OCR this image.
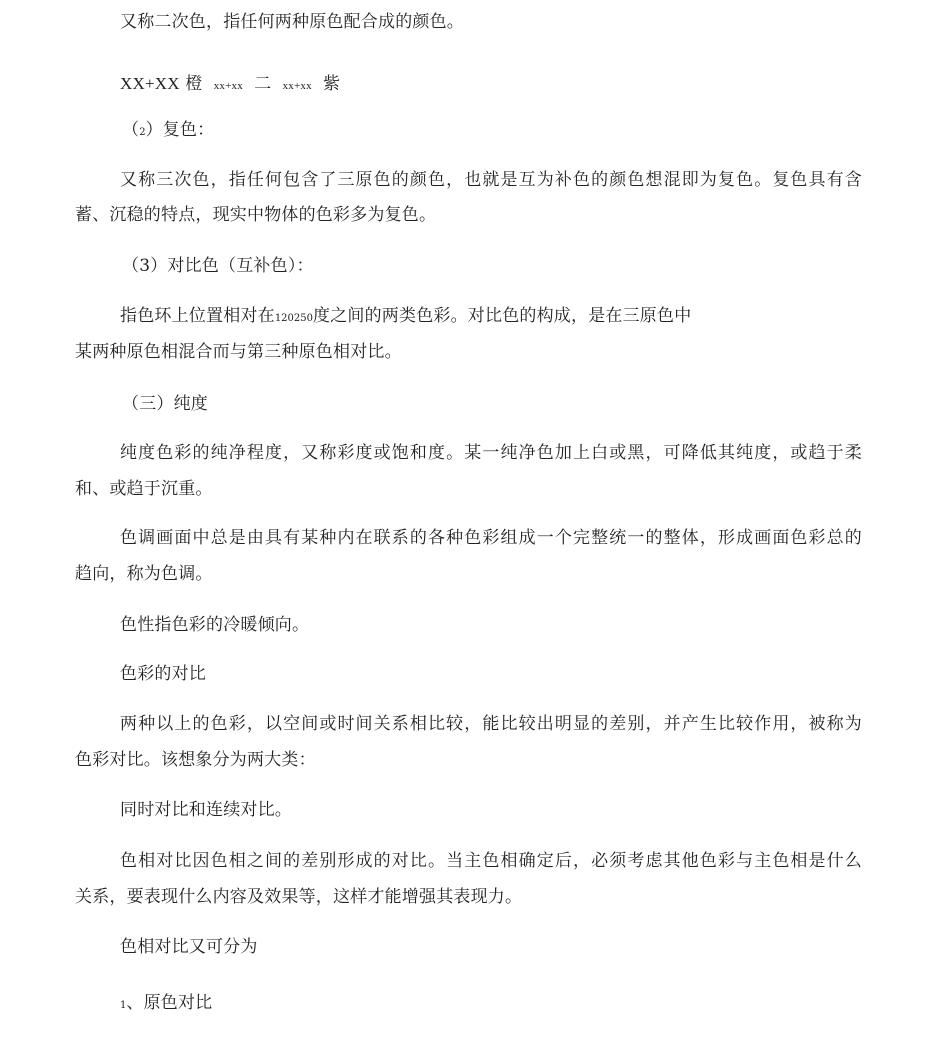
又称二次色，指任何两种原色配合成的颜色。
XX+XX 橙 xx+xx 二 xx+xx 紫
（2）复色：
又称三次色，指任何包含了三原色的颜色，也就是互为补色的颜色想混即为复色。复色具有含
蓄、沉稳的特点，现实中物体的色彩多为复色。
（3）对比色（互补色）：
指色环上位置相对在120250度之间的两类色彩。对比色的构成，是在三原色中
某两种原色相混合而与第三种原色相对比。
（三）纯度
纯度色彩的纯净程度，又称彩度或饱和度。某一纯净色加上白或黑，可降低其纯度，或趋于柔
和、或趋于沉重。
色调画面中总是由具有某种内在联系的各种色彩组成一个完整统一的整体，形成画面色彩总的
趋向，称为色调。
色性指色彩的冷暖倾向。
色彩的对比
两种以上的色彩，以空间或时间关系相比较，能比较出明显的差别，并产生比较作用，被称为
色彩对比。该想象分为两大类：
同时对比和连续对比。
色相对比因色相之间的差别形成的对比。当主色相确定后，必须考虑其他色彩与主色相是什么
关系，要表现什么内容及效果等，这样才能增强其表现力。
色相对比又可分为
1、原色对比
